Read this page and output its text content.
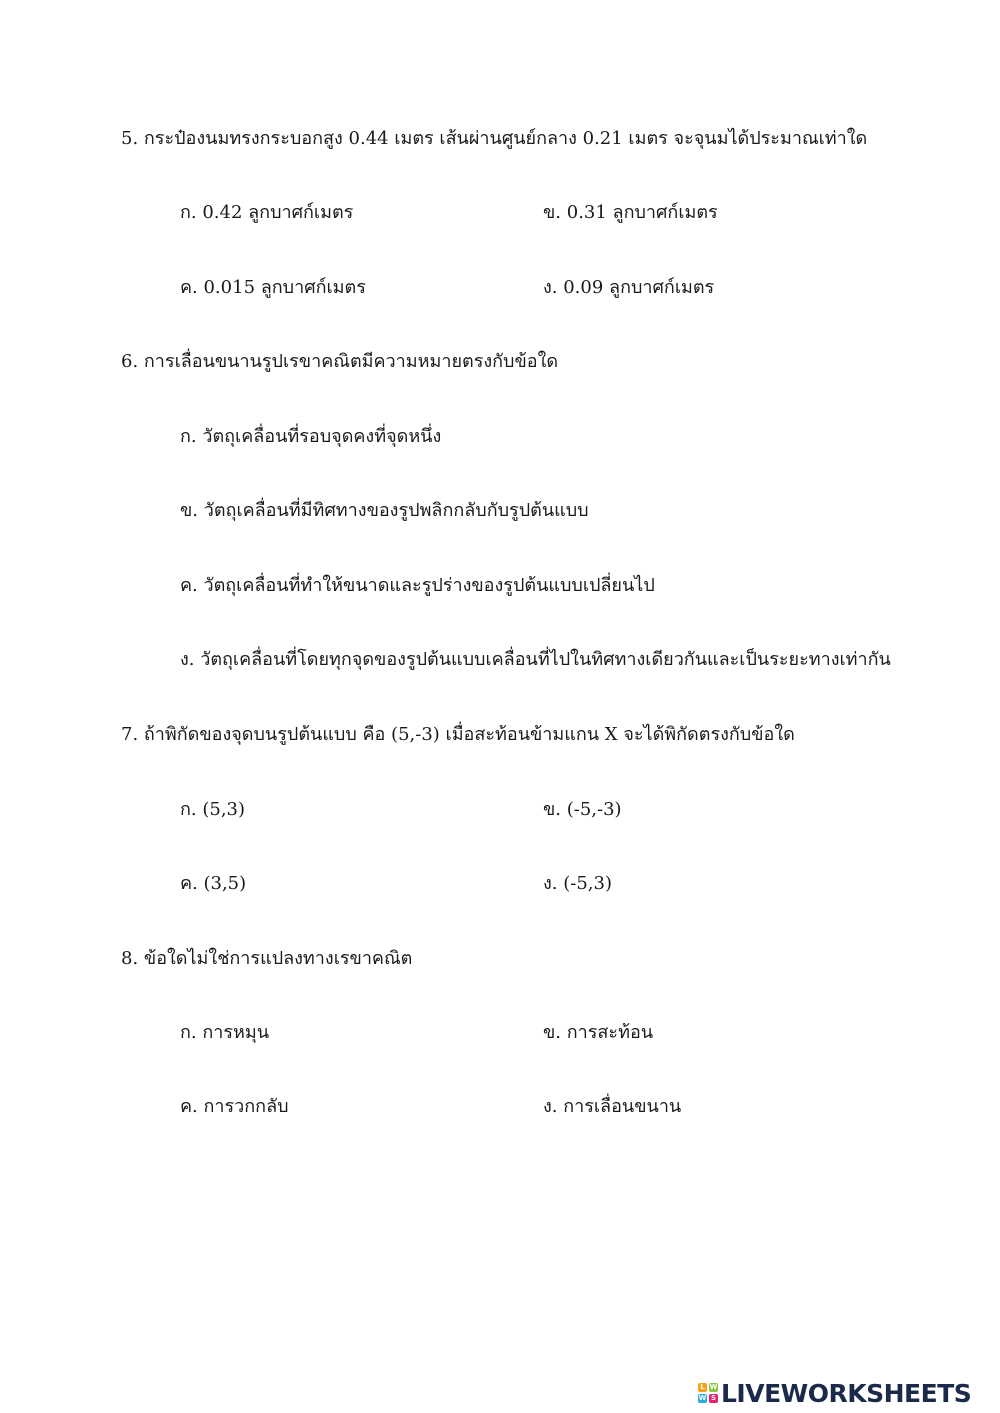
5. กระป๋องนมทรงกระบอกสูง 0.44 เมตร เส้นผ่านศูนย์กลาง 0.21 เมตร จะจุนมได้ประมาณเท่าใด
ก. 0.42 ลูกบาศก์เมตร	ข. 0.31 ลูกบาศก์เมตร
ค. 0.015 ลูกบาศก์เมตร	ง. 0.09 ลูกบาศก์เมตร
6. การเลื่อนขนานรูปเรขาคณิตมีความหมายตรงกับข้อใด
ก. วัตถุเคลื่อนที่รอบจุดคงที่จุดหนึ่ง
ข. วัตถุเคลื่อนที่มีทิศทางของรูปพลิกกลับกับรูปต้นแบบ
ค. วัตถุเคลื่อนที่ทำให้ขนาดและรูปร่างของรูปต้นแบบเปลี่ยนไป
ง. วัตถุเคลื่อนที่โดยทุกจุดของรูปต้นแบบเคลื่อนที่ไปในทิศทางเดียวกันและเป็นระยะทางเท่ากัน
7. ถ้าพิกัดของจุดบนรูปต้นแบบ คือ (5,-3) เมื่อสะท้อนข้ามแกน X จะได้พิกัดตรงกับข้อใด
ก. (5,3)	ข. (-5,-3)
ค. (3,5)	ง. (-5,3)
8. ข้อใดไม่ใช่การแปลงทางเรขาคณิต
ก. การหมุน	ข. การสะท้อน
ค. การวกกลับ	ง. การเลื่อนขนาน
L W
W S LIVEWORKSHEETS
